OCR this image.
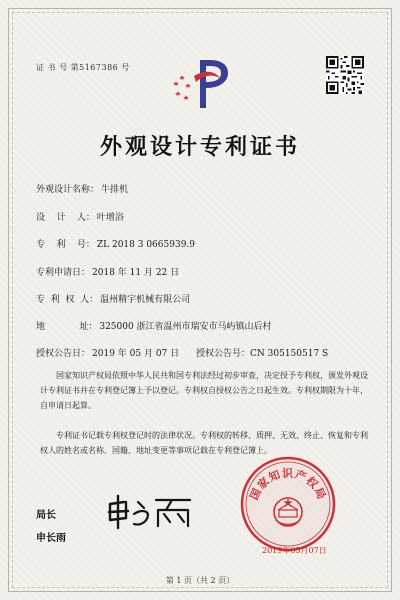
证 书 号 第5167386 号
外观设计专利证书
外观设计名称： 牛排机
设    计    人： 叶增浴
专    利    号： ZL 2018 3 0665939.9
专利申请日： 2018 年 11 月 22 日
专  利  权  人： 温州精宇机械有限公司
地            址： 325000 浙江省温州市瑞安市马屿镇山后村
授权公告日： 2019 年 05 月 07 日 授权公告号：CN 305150517 S
国家知识产权局依照中华人民共和国专利法经过初步审查，决定授予专利权，颁发外观设计专利证书并在专利登记簿上予以登记。专利权自授权公告之日起生效。专利权期限为十年，自申请日起算。
专利证书记载专利权登记时的法律状况。专利权的转移、质押、无效、终止、恢复和专利权人的姓名或名称、国籍、地址变更等事项记载在专利登记簿上。
局长
申长雨
国家知识产权局
2019年05月07日
第 1 页（共 2 页）
